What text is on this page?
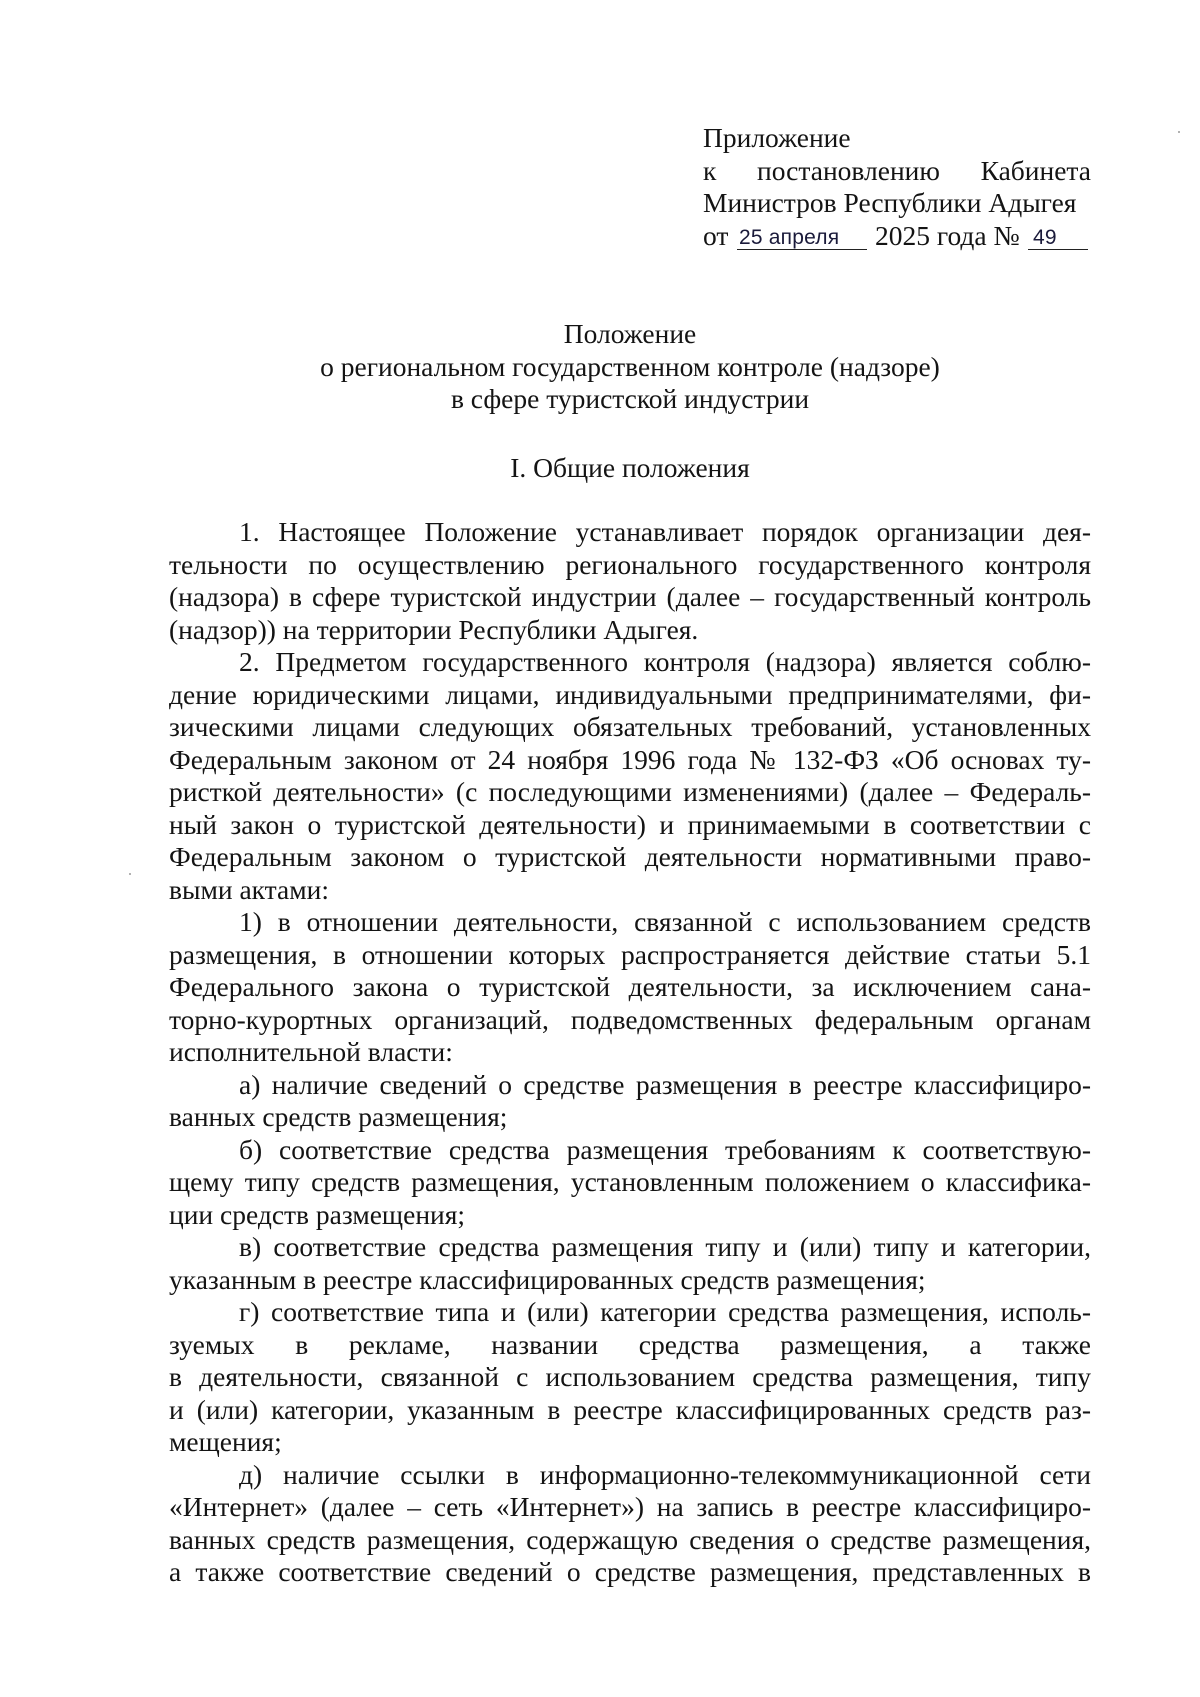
Приложение
к постановлению Кабинета
Министров Республики Адыгея
от 25 апреля 2025 года № 49
Положение
о региональном государственном контроле (надзоре)
в сфере туристской индустрии
I. Общие положения
1. Настоящее Положение устанавливает порядок организации дея-
тельности по осуществлению регионального государственного контроля
(надзора) в сфере туристской индустрии (далее – государственный контроль
(надзор)) на территории Республики Адыгея.
2. Предметом государственного контроля (надзора) является соблю-
дение юридическими лицами, индивидуальными предпринимателями, фи-
зическими лицами следующих обязательных требований, установленных
Федеральным законом от 24 ноября 1996 года № 132-ФЗ «Об основах ту-
ристкой деятельности» (с последующими изменениями) (далее – Федераль-
ный закон о туристской деятельности) и принимаемыми в соответствии с
Федеральным законом о туристской деятельности нормативными право-
выми актами:
1) в отношении деятельности, связанной с использованием средств
размещения, в отношении которых распространяется действие статьи 5.1
Федерального закона о туристской деятельности, за исключением сана-
торно-курортных организаций, подведомственных федеральным органам
исполнительной власти:
а) наличие сведений о средстве размещения в реестре классифициро-
ванных средств размещения;
б) соответствие средства размещения требованиям к соответствую-
щему типу средств размещения, установленным положением о классифика-
ции средств размещения;
в) соответствие средства размещения типу и (или) типу и категории,
указанным в реестре классифицированных средств размещения;
г) соответствие типа и (или) категории средства размещения, исполь-
зуемых в рекламе, названии средства размещения, а также
в деятельности, связанной с использованием средства размещения, типу
и (или) категории, указанным в реестре классифицированных средств раз-
мещения;
д) наличие ссылки в информационно-телекоммуникационной сети
«Интернет» (далее – сеть «Интернет») на запись в реестре классифициро-
ванных средств размещения, содержащую сведения о средстве размещения,
а также соответствие сведений о средстве размещения, представленных в
